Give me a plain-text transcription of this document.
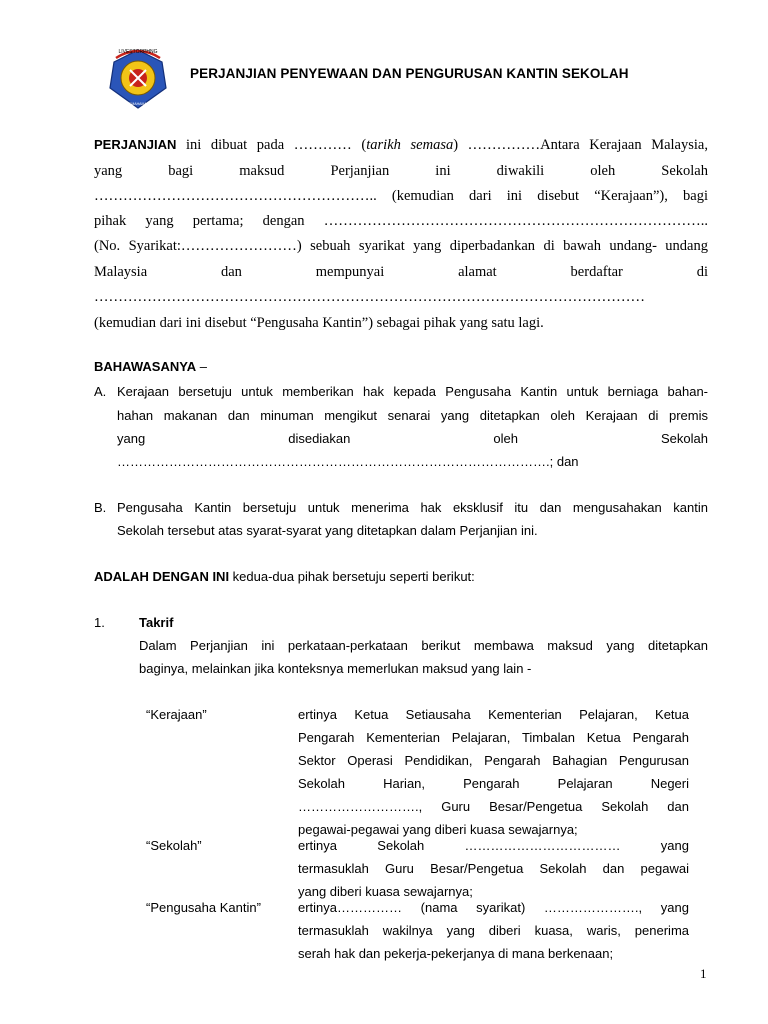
LIVESTORPHNG
KEMAHAMAN
PERJANJIAN PENYEWAAN DAN PENGURUSAN KANTIN SEKOLAH
PERJANJIAN ini dibuat pada ………… (tarikh semasa) ……………Antara Kerajaan Malaysia,
yang bagi maksud Perjanjian ini diwakili oleh Sekolah
………………………………………………….. (kemudian dari ini disebut “Kerajaan”), bagi
pihak yang pertama; dengan ……………………………………………………………………..
(No. Syarikat:……………………) sebuah syarikat yang diperbadankan di bawah undang- undang
Malaysia dan mempunyai alamat berdaftar di
……………………………………………………………………………………………………
(kemudian dari ini disebut “Pengusaha Kantin”) sebagai pihak yang satu lagi.
BAHAWASANYA –
A. Kerajaan bersetuju untuk memberikan hak kepada Pengusaha Kantin untuk berniaga bahan-
hahan makanan dan minuman mengikut senarai yang ditetapkan oleh Kerajaan di premis
yang disediakan oleh Sekolah
……………………………………………………………………………………….; dan
B. Pengusaha Kantin bersetuju untuk menerima hak eksklusif itu dan mengusahakan kantin
Sekolah tersebut atas syarat-syarat yang ditetapkan dalam Perjanjian ini.
ADALAH DENGAN INI kedua-dua pihak bersetuju seperti berikut:
1.	Takrif
Dalam Perjanjian ini perkataan-perkataan berikut membawa maksud yang ditetapkan
baginya, melainkan jika konteksnya memerlukan maksud yang lain -
“Kerajaan”	ertinya Ketua Setiausaha Kementerian Pelajaran, Ketua
Pengarah Kementerian Pelajaran, Timbalan Ketua Pengarah
Sektor Operasi Pendidikan, Pengarah Bahagian Pengurusan
Sekolah Harian, Pengarah Pelajaran Negeri
………………………., Guru Besar/Pengetua Sekolah dan
pegawai-pegawai yang diberi kuasa sewajarnya;
“Sekolah”	ertinya Sekolah ……………………………… yang
termasuklah Guru Besar/Pengetua Sekolah dan pegawai
yang diberi kuasa sewajarnya;
“Pengusaha Kantin”	ertinya…………… (nama syarikat) …………………., yang
termasuklah wakilnya yang diberi kuasa, waris, penerima
serah hak dan pekerja-pekerjanya di mana berkenaan;
1
